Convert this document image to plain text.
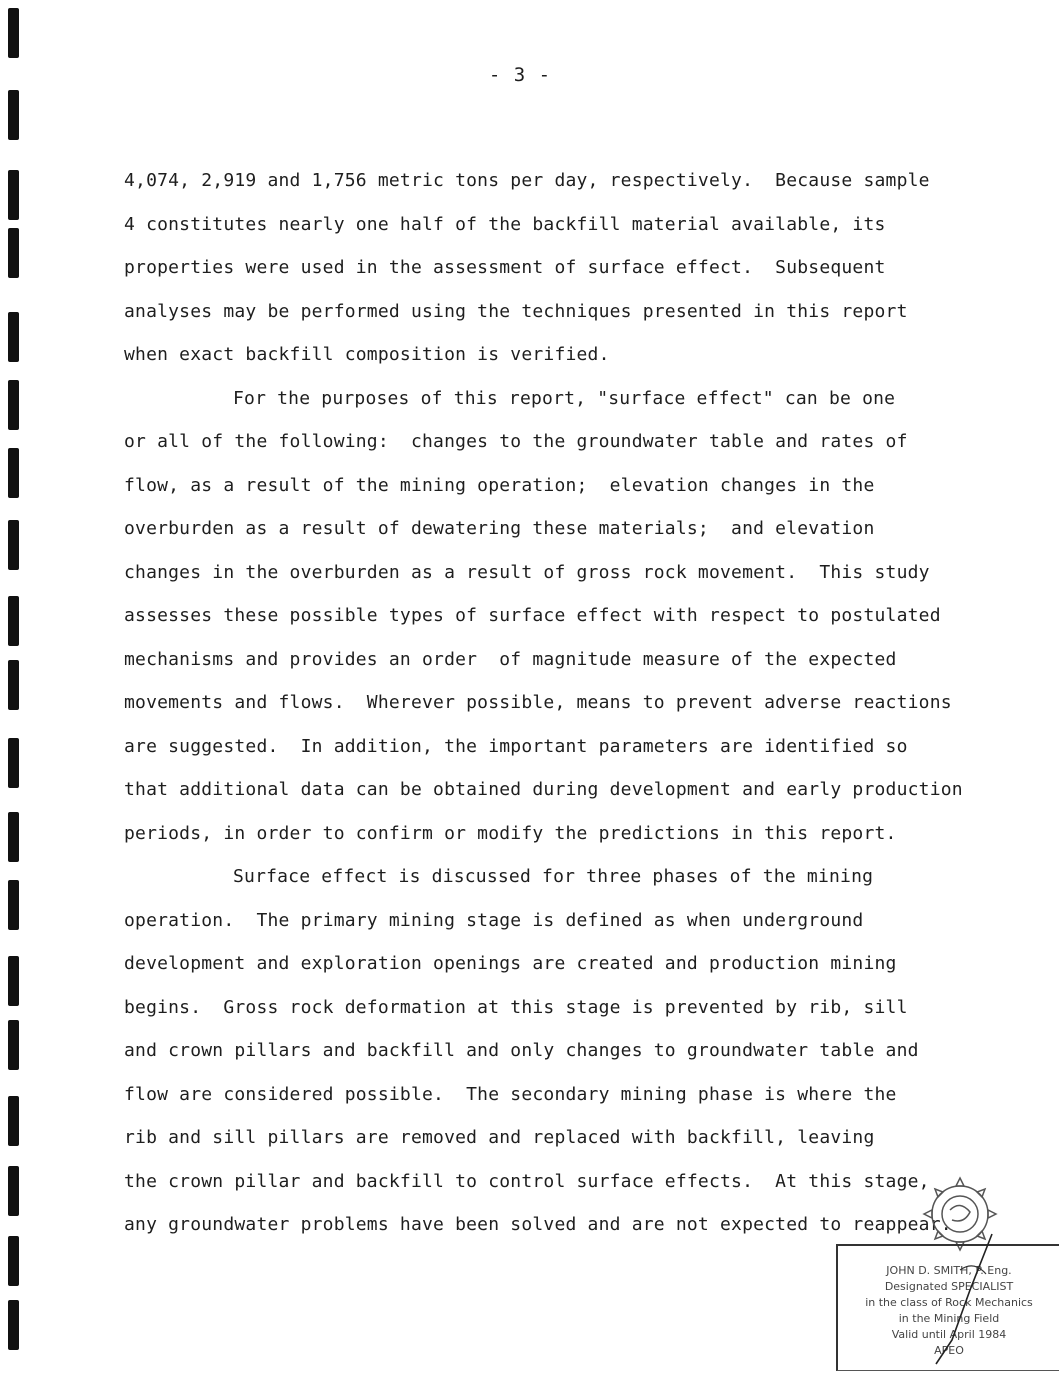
- 3 -
4,074, 2,919 and 1,756 metric tons per day, respectively.  Because sample
4 constitutes nearly one half of the backfill material available, its
properties were used in the assessment of surface effect.  Subsequent
analyses may be performed using the techniques presented in this report
when exact backfill composition is verified.
For the purposes of this report, "surface effect" can be one
or all of the following:  changes to the groundwater table and rates of
flow, as a result of the mining operation;  elevation changes in the
overburden as a result of dewatering these materials;  and elevation
changes in the overburden as a result of gross rock movement.  This study
assesses these possible types of surface effect with respect to postulated
mechanisms and provides an order  of magnitude measure of the expected
movements and flows.  Wherever possible, means to prevent adverse reactions
are suggested.  In addition, the important parameters are identified so
that additional data can be obtained during development and early production
periods, in order to confirm or modify the predictions in this report.
Surface effect is discussed for three phases of the mining
operation.  The primary mining stage is defined as when underground
development and exploration openings are created and production mining
begins.  Gross rock deformation at this stage is prevented by rib, sill
and crown pillars and backfill and only changes to groundwater table and
flow are considered possible.  The secondary mining phase is where the
rib and sill pillars are removed and replaced with backfill, leaving
the crown pillar and backfill to control surface effects.  At this stage,
any groundwater problems have been solved and are not expected to reappear.
JOHN D. SMITH, P. Eng.
Designated SPECIALIST
in the class of Rock Mechanics
in the Mining Field
Valid until April 1984
APEO
